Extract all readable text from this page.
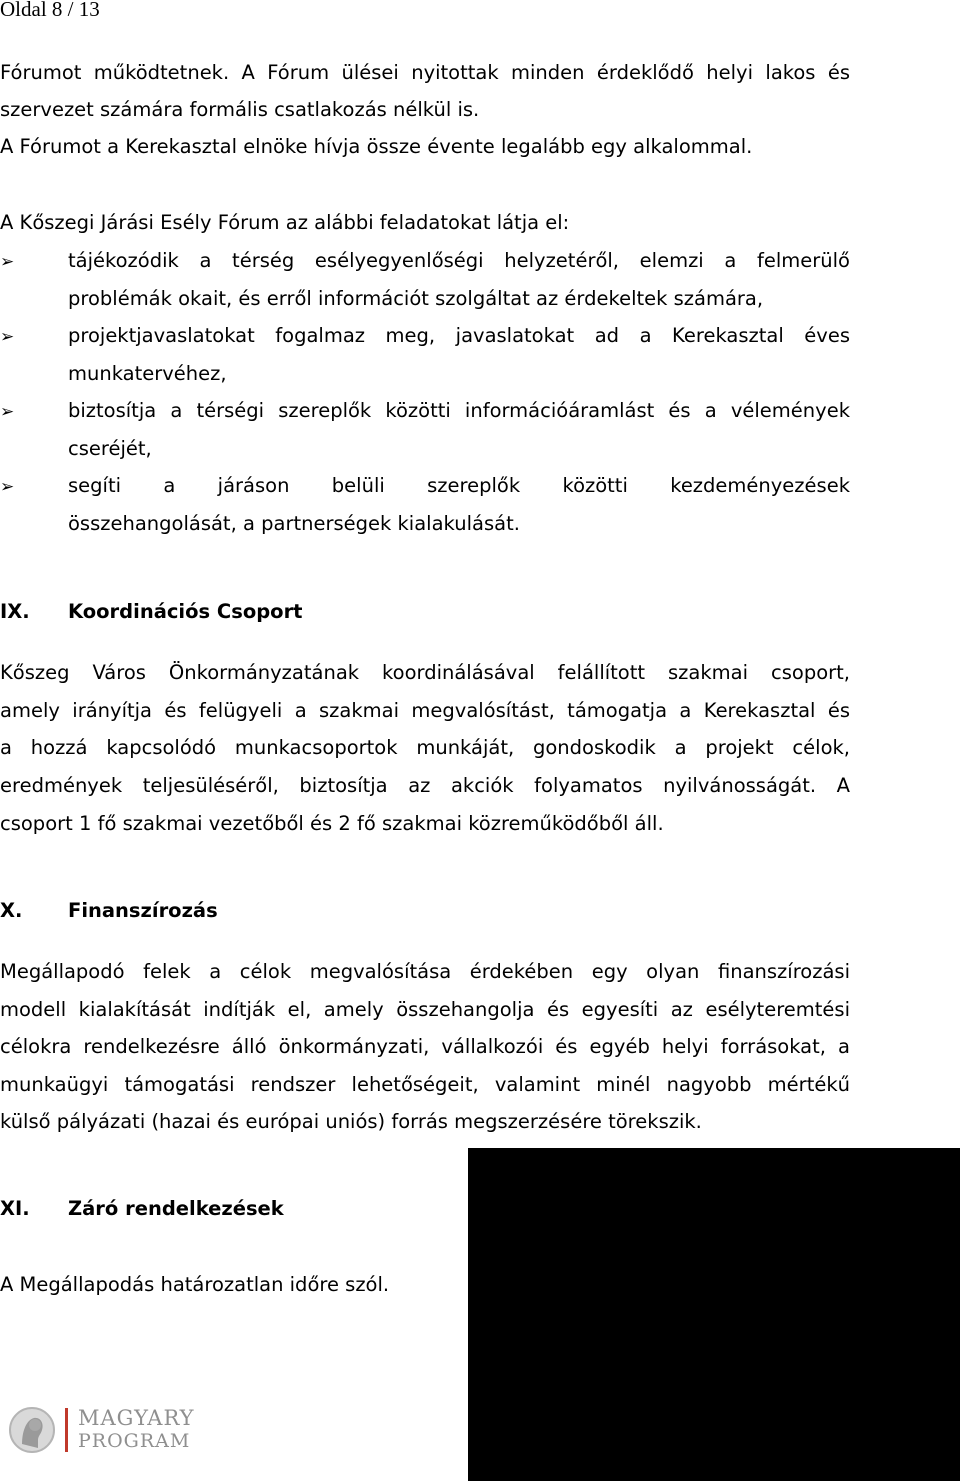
Oldal 8 / 13

Fórumot működtetnek. A Fórum ülései nyitottak minden érdeklődő helyi lakos és

szervezet számára formális csatlakozás nélkül is.

A Fórumot a Kerekasztal elnöke hívja össze évente legalább egy alkalommal.

A Kőszegi Járási Esély Fórum az alábbi feladatokat látja el:

➢	tájékozódik a térség esélyegyenlőségi helyzetéről, elemzi a felmerülő

problémák okait, és erről információt szolgáltat az érdekeltek számára,

➢	projektjavaslatokat fogalmaz meg, javaslatokat ad a Kerekasztal éves

munkatervéhez,

➢	biztosítja a térségi szereplők közötti információáramlást és a vélemények

cseréjét,

➢	segíti a járáson belüli szereplők közötti kezdeményezések

összehangolását, a partnerségek kialakulását.

IX. Koordinációs Csoport

Kőszeg Város Önkormányzatának koordinálásával felállított szakmai csoport,

amely irányítja és felügyeli a szakmai megvalósítást, támogatja a Kerekasztal és

a hozzá kapcsolódó munkacsoportok munkáját, gondoskodik a projekt célok,

eredmények teljesüléséről, biztosítja az akciók folyamatos nyilvánosságát. A

csoport 1 fő szakmai vezetőből és 2 fő szakmai közreműködőből áll.

X. Finanszírozás

Megállapodó felek a célok megvalósítása érdekében egy olyan finanszírozási

modell kialakítását indítják el, amely összehangolja és egyesíti az esélyteremtési

célokra rendelkezésre álló önkormányzati, vállalkozói és egyéb helyi forrásokat, a

munkaügyi támogatási rendszer lehetőségeit, valamint minél nagyobb mértékű

külső pályázati (hazai és európai uniós) forrás megszerzésére törekszik.

XI. Záró rendelkezések

A Megállapodás határozatlan időre szól.

MAGYARY
PROGRAM
